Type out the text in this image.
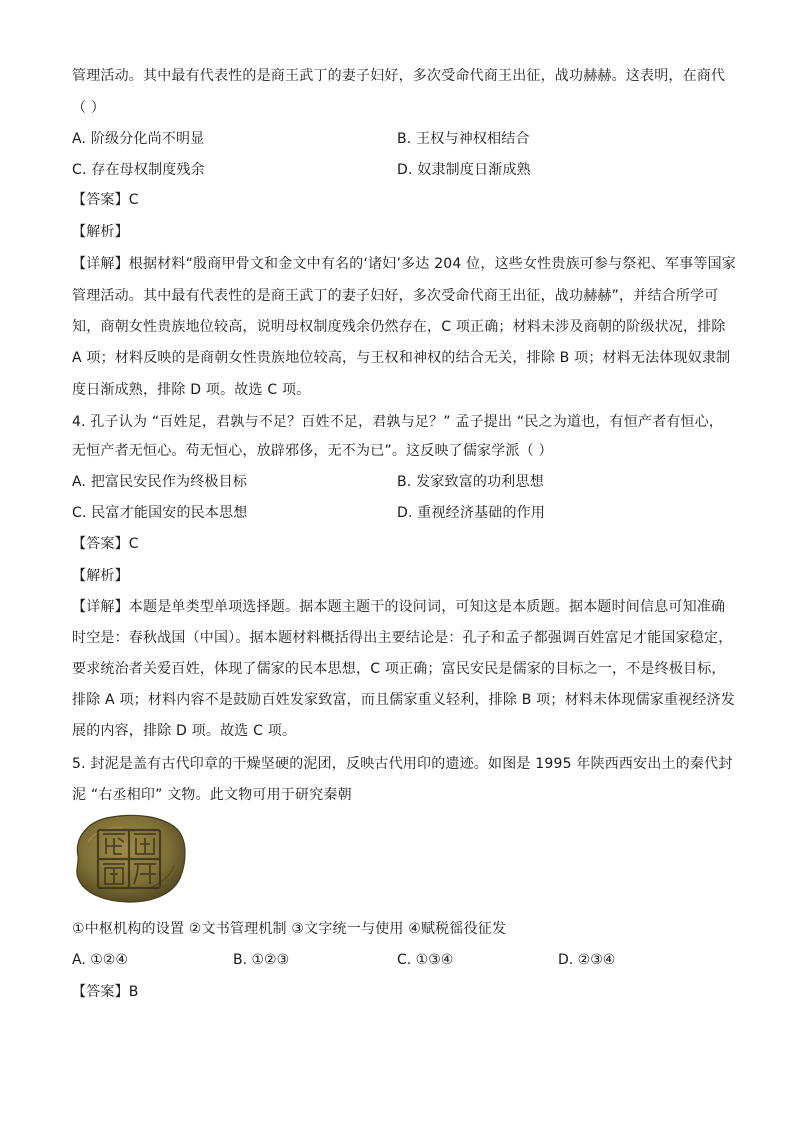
管理活动。其中最有代表性的是商王武丁的妻子妇好，多次受命代商王出征，战功赫赫。这表明，在商代
（ ）
A. 阶级分化尚不明显	B. 王权与神权相结合
C. 存在母权制度残余	D. 奴隶制度日渐成熟
【答案】C
【解析】
【详解】根据材料“殷商甲骨文和金文中有名的‘诸妇’多达 204 位，这些女性贵族可参与祭祀、军事等国家
管理活动。其中最有代表性的是商王武丁的妻子妇好，多次受命代商王出征，战功赫赫”，并结合所学可
知，商朝女性贵族地位较高，说明母权制度残余仍然存在，C 项正确；材料未涉及商朝的阶级状况，排除
A 项；材料反映的是商朝女性贵族地位较高，与王权和神权的结合无关，排除 B 项；材料无法体现奴隶制
度日渐成熟，排除 D 项。故选 C 项。
4. 孔子认为 “百姓足，君孰与不足？百姓不足，君孰与足？” 孟子提出 “民之为道也，有恒产者有恒心，
无恒产者无恒心。苟无恒心，放辟邪侈，无不为已”。这反映了儒家学派（ ）
A. 把富民安民作为终极目标	B. 发家致富的功利思想
C. 民富才能国安的民本思想	D. 重视经济基础的作用
【答案】C
【解析】
【详解】本题是单类型单项选择题。据本题主题干的设问词，可知这是本质题。据本题时间信息可知准确
时空是：春秋战国（中国）。据本题材料概括得出主要结论是：孔子和孟子都强调百姓富足才能国家稳定，
要求统治者关爱百姓，体现了儒家的民本思想，C 项正确；富民安民是儒家的目标之一，不是终极目标，
排除 A 项；材料内容不是鼓励百姓发家致富，而且儒家重义轻利，排除 B 项；材料未体现儒家重视经济发
展的内容，排除 D 项。故选 C 项。
5. 封泥是盖有古代印章的干燥坚硬的泥团，反映古代用印的遗迹。如图是 1995 年陕西西安出土的秦代封
泥 “右丞相印” 文物。此文物可用于研究秦朝
①中枢机构的设置 ②文书管理机制 ③文字统一与使用 ④赋税徭役征发
A. ①②④	B. ①②③	C. ①③④	D. ②③④
【答案】B
